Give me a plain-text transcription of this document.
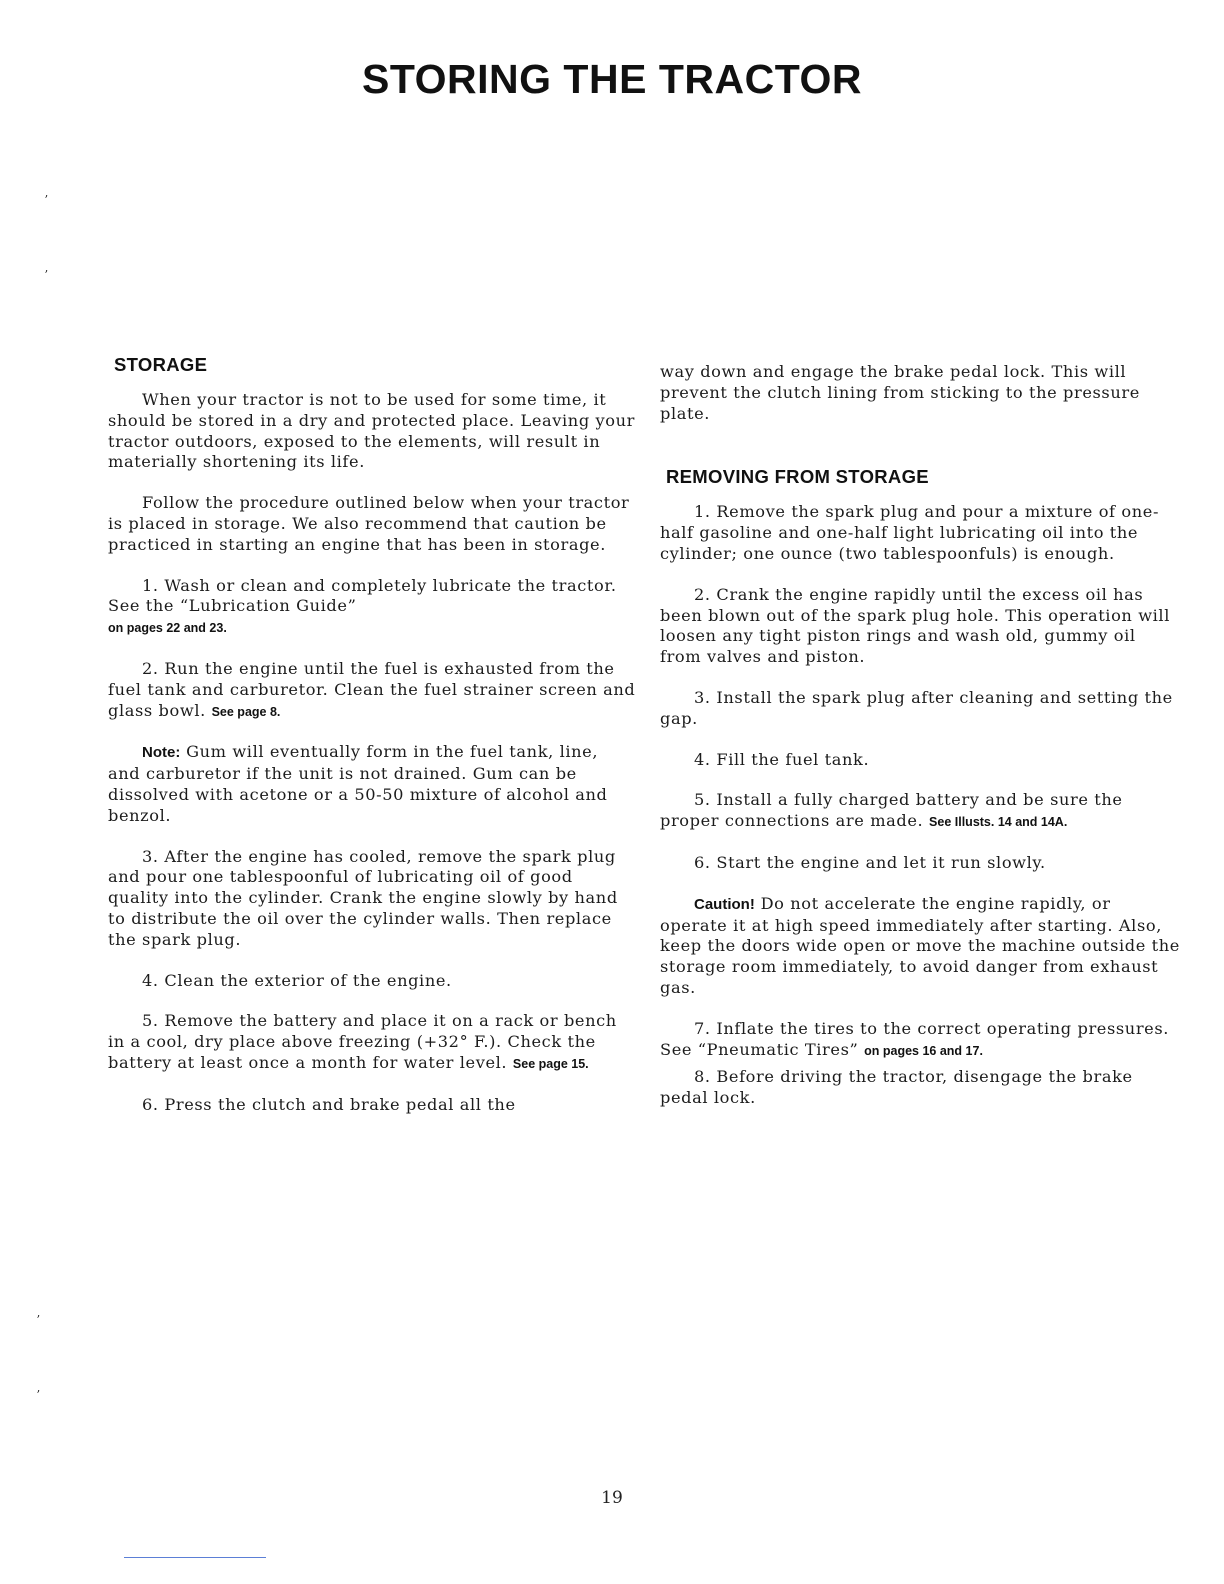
STORING THE TRACTOR
ʼ
ʼ
ʼ
ʼ
STORAGE

When your tractor is not to be used for some time, it should be stored in a dry and protected place. Leaving your tractor outdoors, exposed to the elements, will result in materially shortening its life.

Follow the procedure outlined below when your tractor is placed in storage. We also recommend that caution be practiced in starting an engine that has been in storage.

1. Wash or clean and completely lubricate the tractor. See the “Lubrication Guide”
on pages 22 and 23.

2. Run the engine until the fuel is exhausted from the fuel tank and carburetor. Clean the fuel strainer screen and glass bowl. See page 8.

Note: Gum will eventually form in the fuel tank, line, and carburetor if the unit is not drained. Gum can be dissolved with acetone or a 50-50 mixture of alcohol and benzol.

3. After the engine has cooled, remove the spark plug and pour one tablespoonful of lubricating oil of good quality into the cylinder. Crank the engine slowly by hand to distribute the oil over the cylinder walls. Then replace the spark plug.

4. Clean the exterior of the engine.

5. Remove the battery and place it on a rack or bench in a cool, dry place above freezing (+32° F.). Check the battery at least once a month for water level. See page 15.

6. Press the clutch and brake pedal all the

way down and engage the brake pedal lock. This will prevent the clutch lining from sticking to the pressure plate.

REMOVING FROM STORAGE

1. Remove the spark plug and pour a mixture of one-half gasoline and one-half light lubricating oil into the cylinder; one ounce (two tablespoonfuls) is enough.

2. Crank the engine rapidly until the excess oil has been blown out of the spark plug hole. This operation will loosen any tight piston rings and wash old, gummy oil from valves and piston.

3. Install the spark plug after cleaning and setting the gap.

4. Fill the fuel tank.

5. Install a fully charged battery and be sure the proper connections are made. See Illusts. 14 and 14A.

6. Start the engine and let it run slowly.

Caution! Do not accelerate the engine rapidly, or operate it at high speed immediately after starting. Also, keep the doors wide open or move the machine outside the storage room immediately, to avoid danger from exhaust gas.

7. Inflate the tires to the correct operating pressures. See “Pneumatic Tires” on pages 16 and 17.

8. Before driving the tractor, disengage the brake pedal lock.

19
